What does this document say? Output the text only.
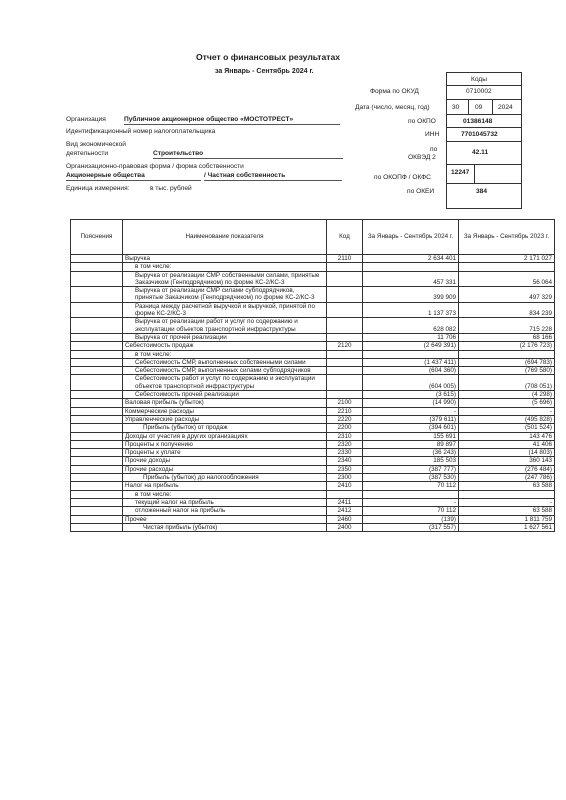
Отчет о финансовых результатах
за Январь - Сентябрь 2024 г.
Коды
Форма по ОКУД	0710002
Дата (число, месяц, год)	30 09 2024
Организация	Публичное акционерное общество «МОСТОТРЕСТ»	по ОКПО	01386148
Идентификационный номер налогоплательщика	ИНН	7701045732
Вид экономической
деятельности	Строительство
по
ОКВЭД 2
42.11
Организационно-правовая форма / форма собственности
Акционерные общества	/ Частная собственность	по ОКОПФ / ОКФС
12247
Единица измерения:	в тыс. рублей	по ОКЕИ	384
Пояснения	Наименование показателя	Код	За Январь - Сентябрь 2024 г.	За Январь - Сентябрь 2023 г.
	Выручка	2110	2 634 401	2 171 027
	в том числе:			
	Выручка от реализации СМР собственными силами, принятые Заказчиком (Генподрядчиком) по форме КС-2/КС-3		457 331	56 064
	Выручка от реализации СМР силами субподрядчиков, принятые Заказчиком (Генподрядчиком) по форме КС-2/КС-3		399 909	497 329
	Разница между расчетной выручкой и выручкой, принятой по форме КС-2/КС-3		1 137 373	834 239
	Выручка от реализации работ и услуг по содержанию и эксплуатации объектов транспортной инфраструктуры		628 082	715 228
	Выручка от прочей реализации		11 706	68 166
	Себестоимость продаж	2120	(2 649 391)	(2 176 723)
	в том числе:			
	Себестоимость СМР, выполненных собственными силами		(1 437 411)	(694 783)
	Себестоимость СМР, выполненных силами субподрядчиков		(604 360)	(769 580)
	Себестоимость работ и услуг по содержанию и эксплуатации объектов транспортной инфраструктуры		(604 005)	(708 051)
	Себестоимость прочей реализации		(3 615)	(4 298)
	Валовая прибыль (убыток)	2100	(14 990)	(5 696)
	Коммерческие расходы	2210	-	-
	Управленческие расходы	2220	(379 611)	(495 828)
	Прибыль (убыток) от продаж	2200	(394 601)	(501 524)
	Доходы от участия в других организациях	2310	155 691	143 476
	Проценты к получению	2320	89 897	41 406
	Проценты к уплате	2330	(36 243)	(14 803)
	Прочие доходы	2340	185 503	360 143
	Прочие расходы	2350	(387 777)	(276 484)
	Прибыль (убыток) до налогообложения	2300	(387 530)	(247 786)
	Налог на прибыль	2410	70 112	63 588
	в том числе:			
	текущий налог на прибыль	2411	-	-
	отложенный налог на прибыль	2412	70 112	63 588
	Прочее	2460	(139)	1 811 759
	Чистая прибыль (убыток)	2400	(317 557)	1 627 561
